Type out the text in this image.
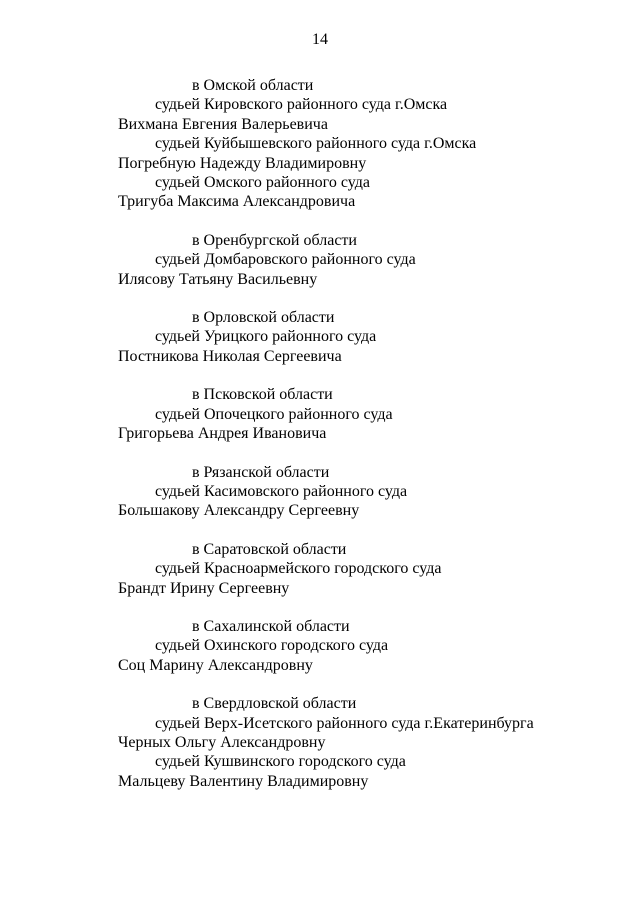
14
в Омской области
судьей Кировского районного суда г.Омска
Вихмана Евгения Валерьевича
судьей Куйбышевского районного суда г.Омска
Погребную Надежду Владимировну
судьей Омского районного суда
Тригуба Максима Александровича
в Оренбургской области
судьей Домбаровского районного суда
Илясову Татьяну Васильевну
в Орловской области
судьей Урицкого районного суда
Постникова Николая Сергеевича
в Псковской области
судьей Опочецкого районного суда
Григорьева Андрея Ивановича
в Рязанской области
судьей Касимовского районного суда
Большакову Александру Сергеевну
в Саратовской области
судьей Красноармейского городского суда
Брандт Ирину Сергеевну
в Сахалинской области
судьей Охинского городского суда
Соц Марину Александровну
в Свердловской области
судьей Верх-Исетского районного суда г.Екатеринбурга
Черных Ольгу Александровну
судьей Кушвинского городского суда
Мальцеву Валентину Владимировну
